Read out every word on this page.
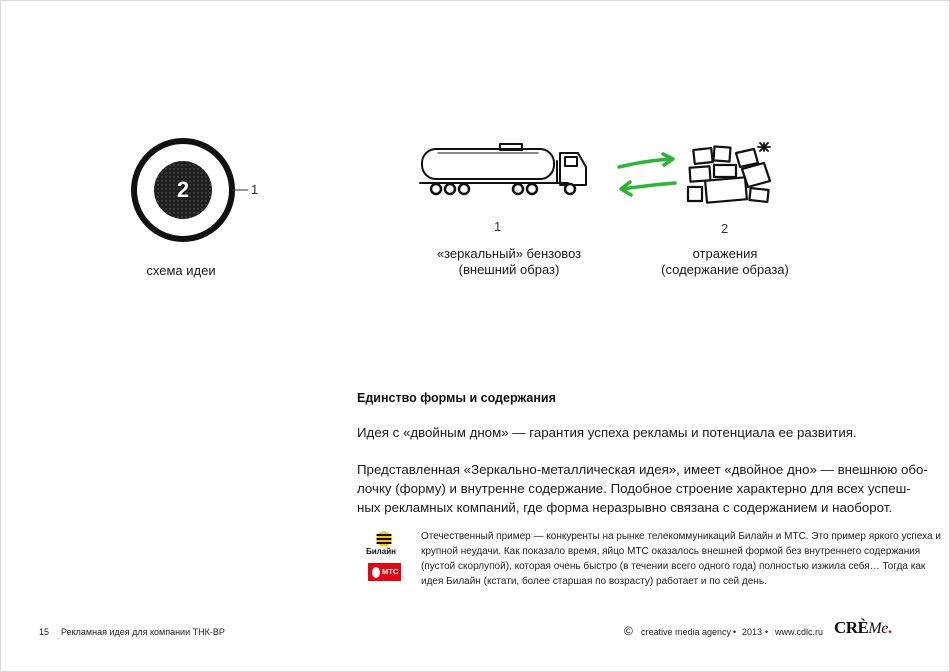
2	1
схема идеи
1
«зеркальный» бензовоз
(внешний образ)
2
отражения
(содержание образа)
Единство формы и содержания

Идея с «двойным дном» — гарантия успеха рекламы и потенциала ее развития.

Представленная «Зеркально-металлическая идея», имеет «двойное дно» — внешнюю обо-

лочку (форму) и внутренне содержание. Подобное строение характерно для всех успеш-

ных рекламных компаний, где форма неразрывно связана с содержанием и наоборот.

Билайн
МТС
Отечественный пример — конкуренты на рынке телекоммуникаций Билайн и МТС. Это пример яркого успеха и
крупной неудачи. Как показало время, яйцо МТС оказалось внешней формой без внутреннего содержания
(пустой скорлупой), которая очень быстро (в течении всего одного года) полностью изжила себя… Тогда как
идея Билайн (кстати, более старшая по возрасту) работает и по сей день.
15 Рекламная идея для компании ТНК-ВР	© creative media agency • 2013 • www.cdlc.ru CRÈMe.
